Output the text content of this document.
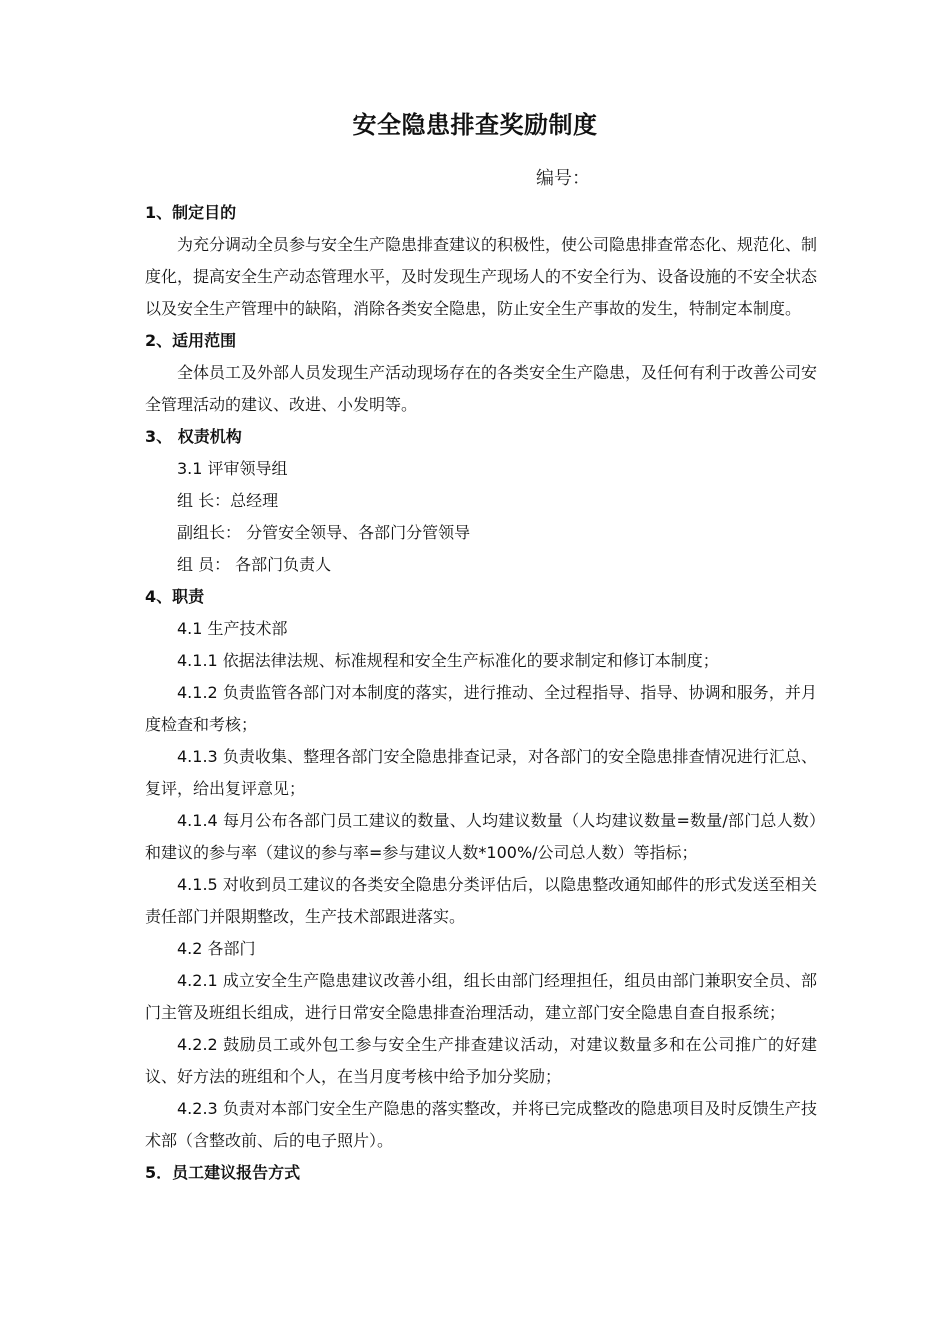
安全隐患排查奖励制度
编号：

1、制定目的

为充分调动全员参与安全生产隐患排查建议的积极性，使公司隐患排查常态化、规范化、制度化，提高安全生产动态管理水平，及时发现生产现场人的不安全行为、设备设施的不安全状态以及安全生产管理中的缺陷，消除各类安全隐患，防止安全生产事故的发生，特制定本制度。

2、适用范围

全体员工及外部人员发现生产活动现场存在的各类安全生产隐患，及任何有利于改善公司安全管理活动的建议、改进、小发明等。

3、 权责机构

3.1 评审领导组

组 长：总经理

副组长： 分管安全领导、各部门分管领导

组 员： 各部门负责人

4、职责

4.1 生产技术部

4.1.1 依据法律法规、标准规程和安全生产标准化的要求制定和修订本制度；

4.1.2 负责监管各部门对本制度的落实，进行推动、全过程指导、指导、协调和服务，并月度检查和考核；

4.1.3 负责收集、整理各部门安全隐患排查记录，对各部门的安全隐患排查情况进行汇总、复评，给出复评意见；

4.1.4 每月公布各部门员工建议的数量、人均建议数量（人均建议数量=数量/部门总人数）和建议的参与率（建议的参与率=参与建议人数*100%/公司总人数）等指标；

4.1.5 对收到员工建议的各类安全隐患分类评估后，以隐患整改通知邮件的形式发送至相关责任部门并限期整改，生产技术部跟进落实。

4.2 各部门

4.2.1 成立安全生产隐患建议改善小组，组长由部门经理担任，组员由部门兼职安全员、部门主管及班组长组成，进行日常安全隐患排查治理活动，建立部门安全隐患自查自报系统；

4.2.2 鼓励员工或外包工参与安全生产排查建议活动，对建议数量多和在公司推广的好建议、好方法的班组和个人，在当月度考核中给予加分奖励；

4.2.3 负责对本部门安全生产隐患的落实整改，并将已完成整改的隐患项目及时反馈生产技术部（含整改前、后的电子照片）。

5．员工建议报告方式
